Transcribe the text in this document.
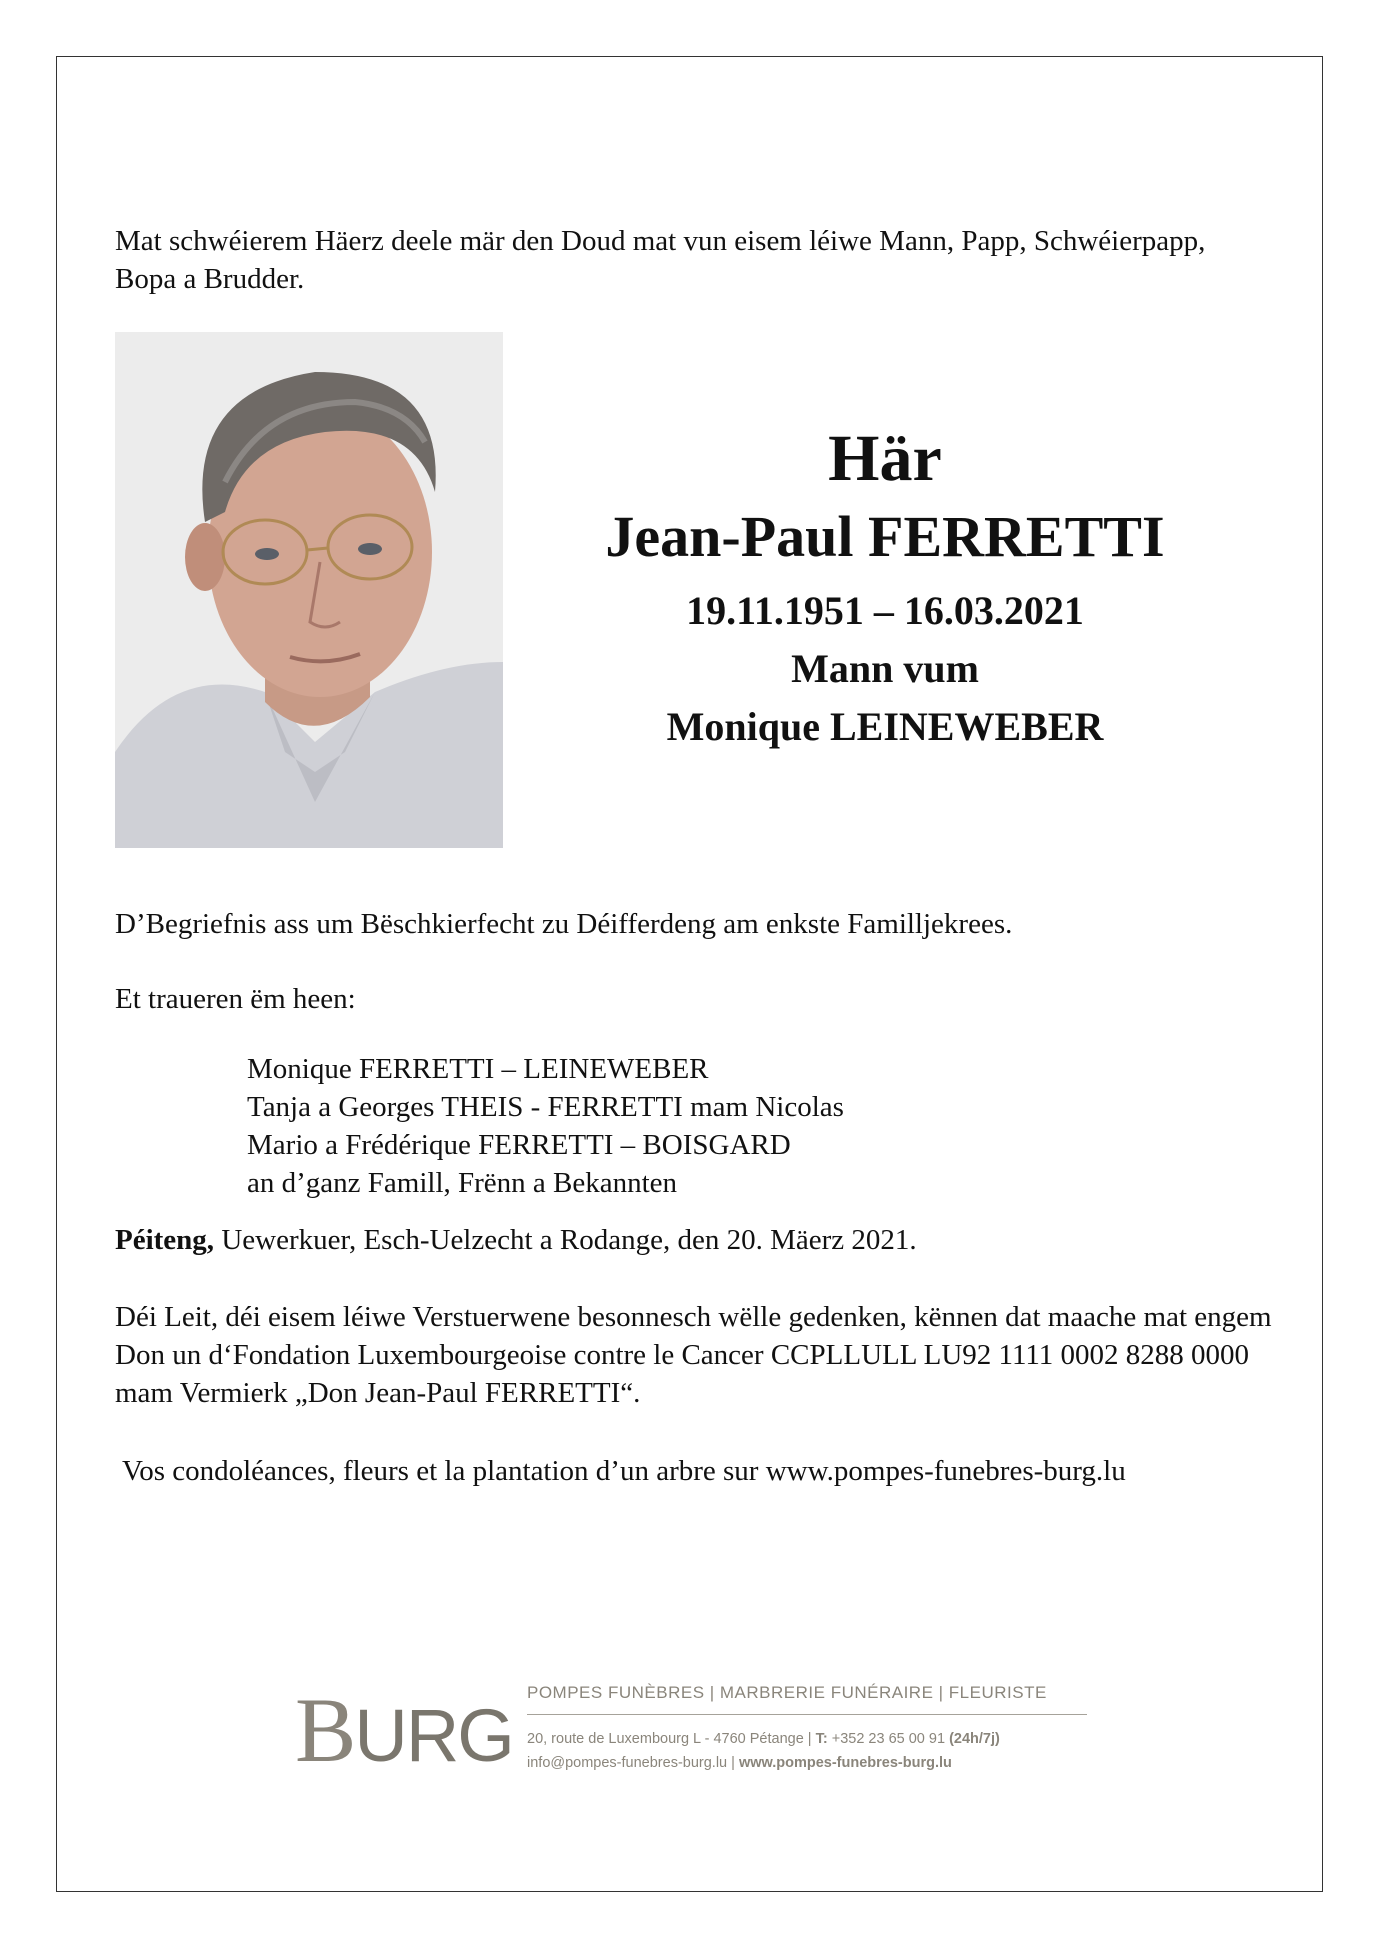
Mat schwéierem Häerz deele mär den Doud mat vun eisem léiwe Mann, Papp, Schwéierpapp, Bopa a Brudder.
Här
Jean-Paul FERRETTI
19.11.1951 – 16.03.2021
Mann vum
Monique LEINEWEBER
D’Begriefnis ass um Bëschkierfecht zu Déifferdeng am enkste Familljekrees.
Et traueren ëm heen:
Monique FERRETTI – LEINEWEBER
Tanja a Georges THEIS - FERRETTI mam Nicolas
Mario a Frédérique FERRETTI – BOISGARD
an d’ganz Famill, Frënn a Bekannten
Péiteng, Uewerkuer, Esch-Uelzecht a Rodange, den 20. Mäerz 2021.
Déi Leit, déi eisem léiwe Verstuerwene besonnesch wëlle gedenken, kënnen dat maache mat engem Don un d‘Fondation Luxembourgeoise contre le Cancer CCPLLULL LU92 1111 0002 8288 0000 mam Vermierk „Don Jean-Paul FERRETTI“.
Vos condoléances, fleurs et la plantation d’un arbre sur www.pompes-funebres-burg.lu
BURG
POMPES FUNÈBRES | MARBRERIE FUNÉRAIRE | FLEURISTE
20, route de Luxembourg L - 4760 Pétange | T: +352 23 65 00 91 (24h/7j)
info@pompes-funebres-burg.lu | www.pompes-funebres-burg.lu
